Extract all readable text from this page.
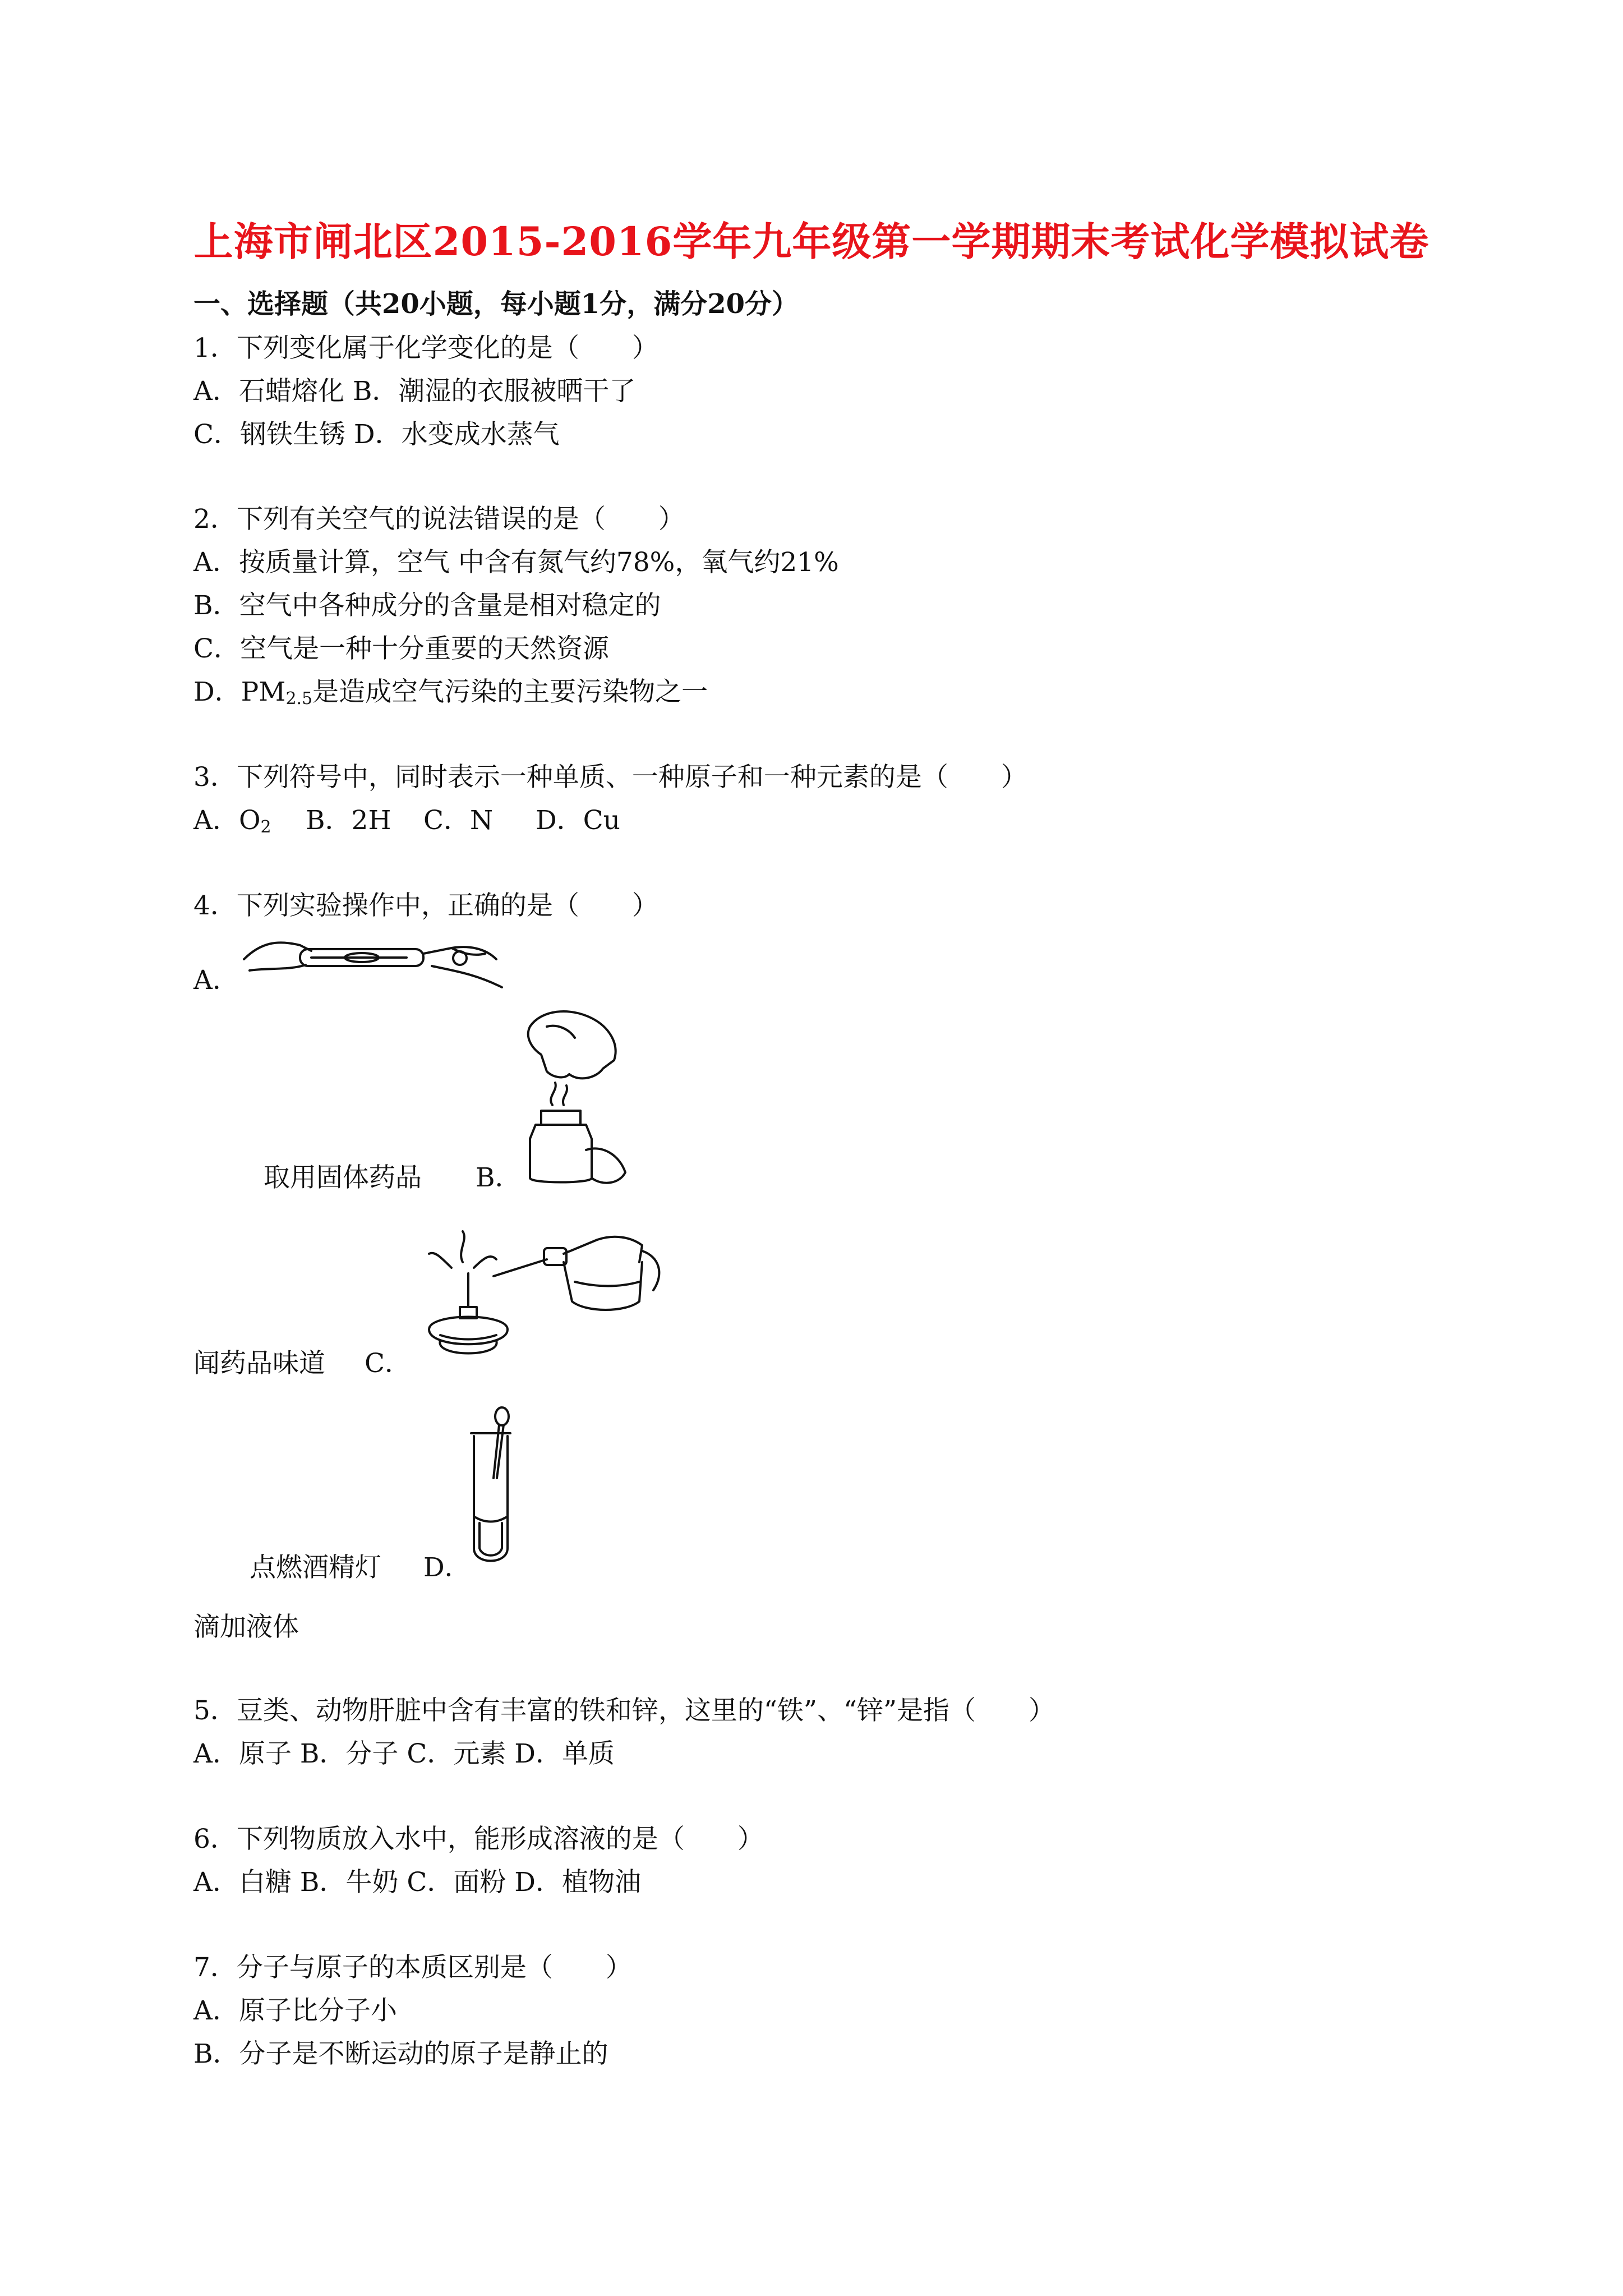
上海市闸北区2015-2016学年九年级第一学期期末考试化学模拟试卷
一、选择题（共20小题，每小题1分，满分20分）
1．下列变化属于化学变化的是（　　）
A．石蜡熔化 B．潮湿的衣服被晒干了
C．钢铁生锈 D．水变成水蒸气
2．下列有关空气的说法错误的是（　　）
A．按质量计算，空气 中含有氮气约78%，氧气约21%
B．空气中各种成分的含量是相对稳定的
C．空气是一种十分重要的天然资源
D．$PM_{2.5}$是造成空气污染的主要污染物之一
3．下列符号中，同时表示一种单质、一种原子和一种元素的是（　　）
A．$O_2$ B．2H C．N D．Cu
4．下列实验操作中，正确的是（　　）
A．
取用固体药品 B．
闻药品味道 C．
点燃酒精灯 D．
滴加液体
5．豆类、动物肝脏中含有丰富的铁和锌，这里的“铁”、“锌”是指（　　）
A．原子 B．分子 C．元素 D．单质
6．下列物质放入水中，能形成溶液的是（　　）
A．白糖 B．牛奶 C．面粉 D．植物油
7．分子与原子的本质区别是（　　）
A．原子比分子小
B．分子是不断运动的原子是静止的
